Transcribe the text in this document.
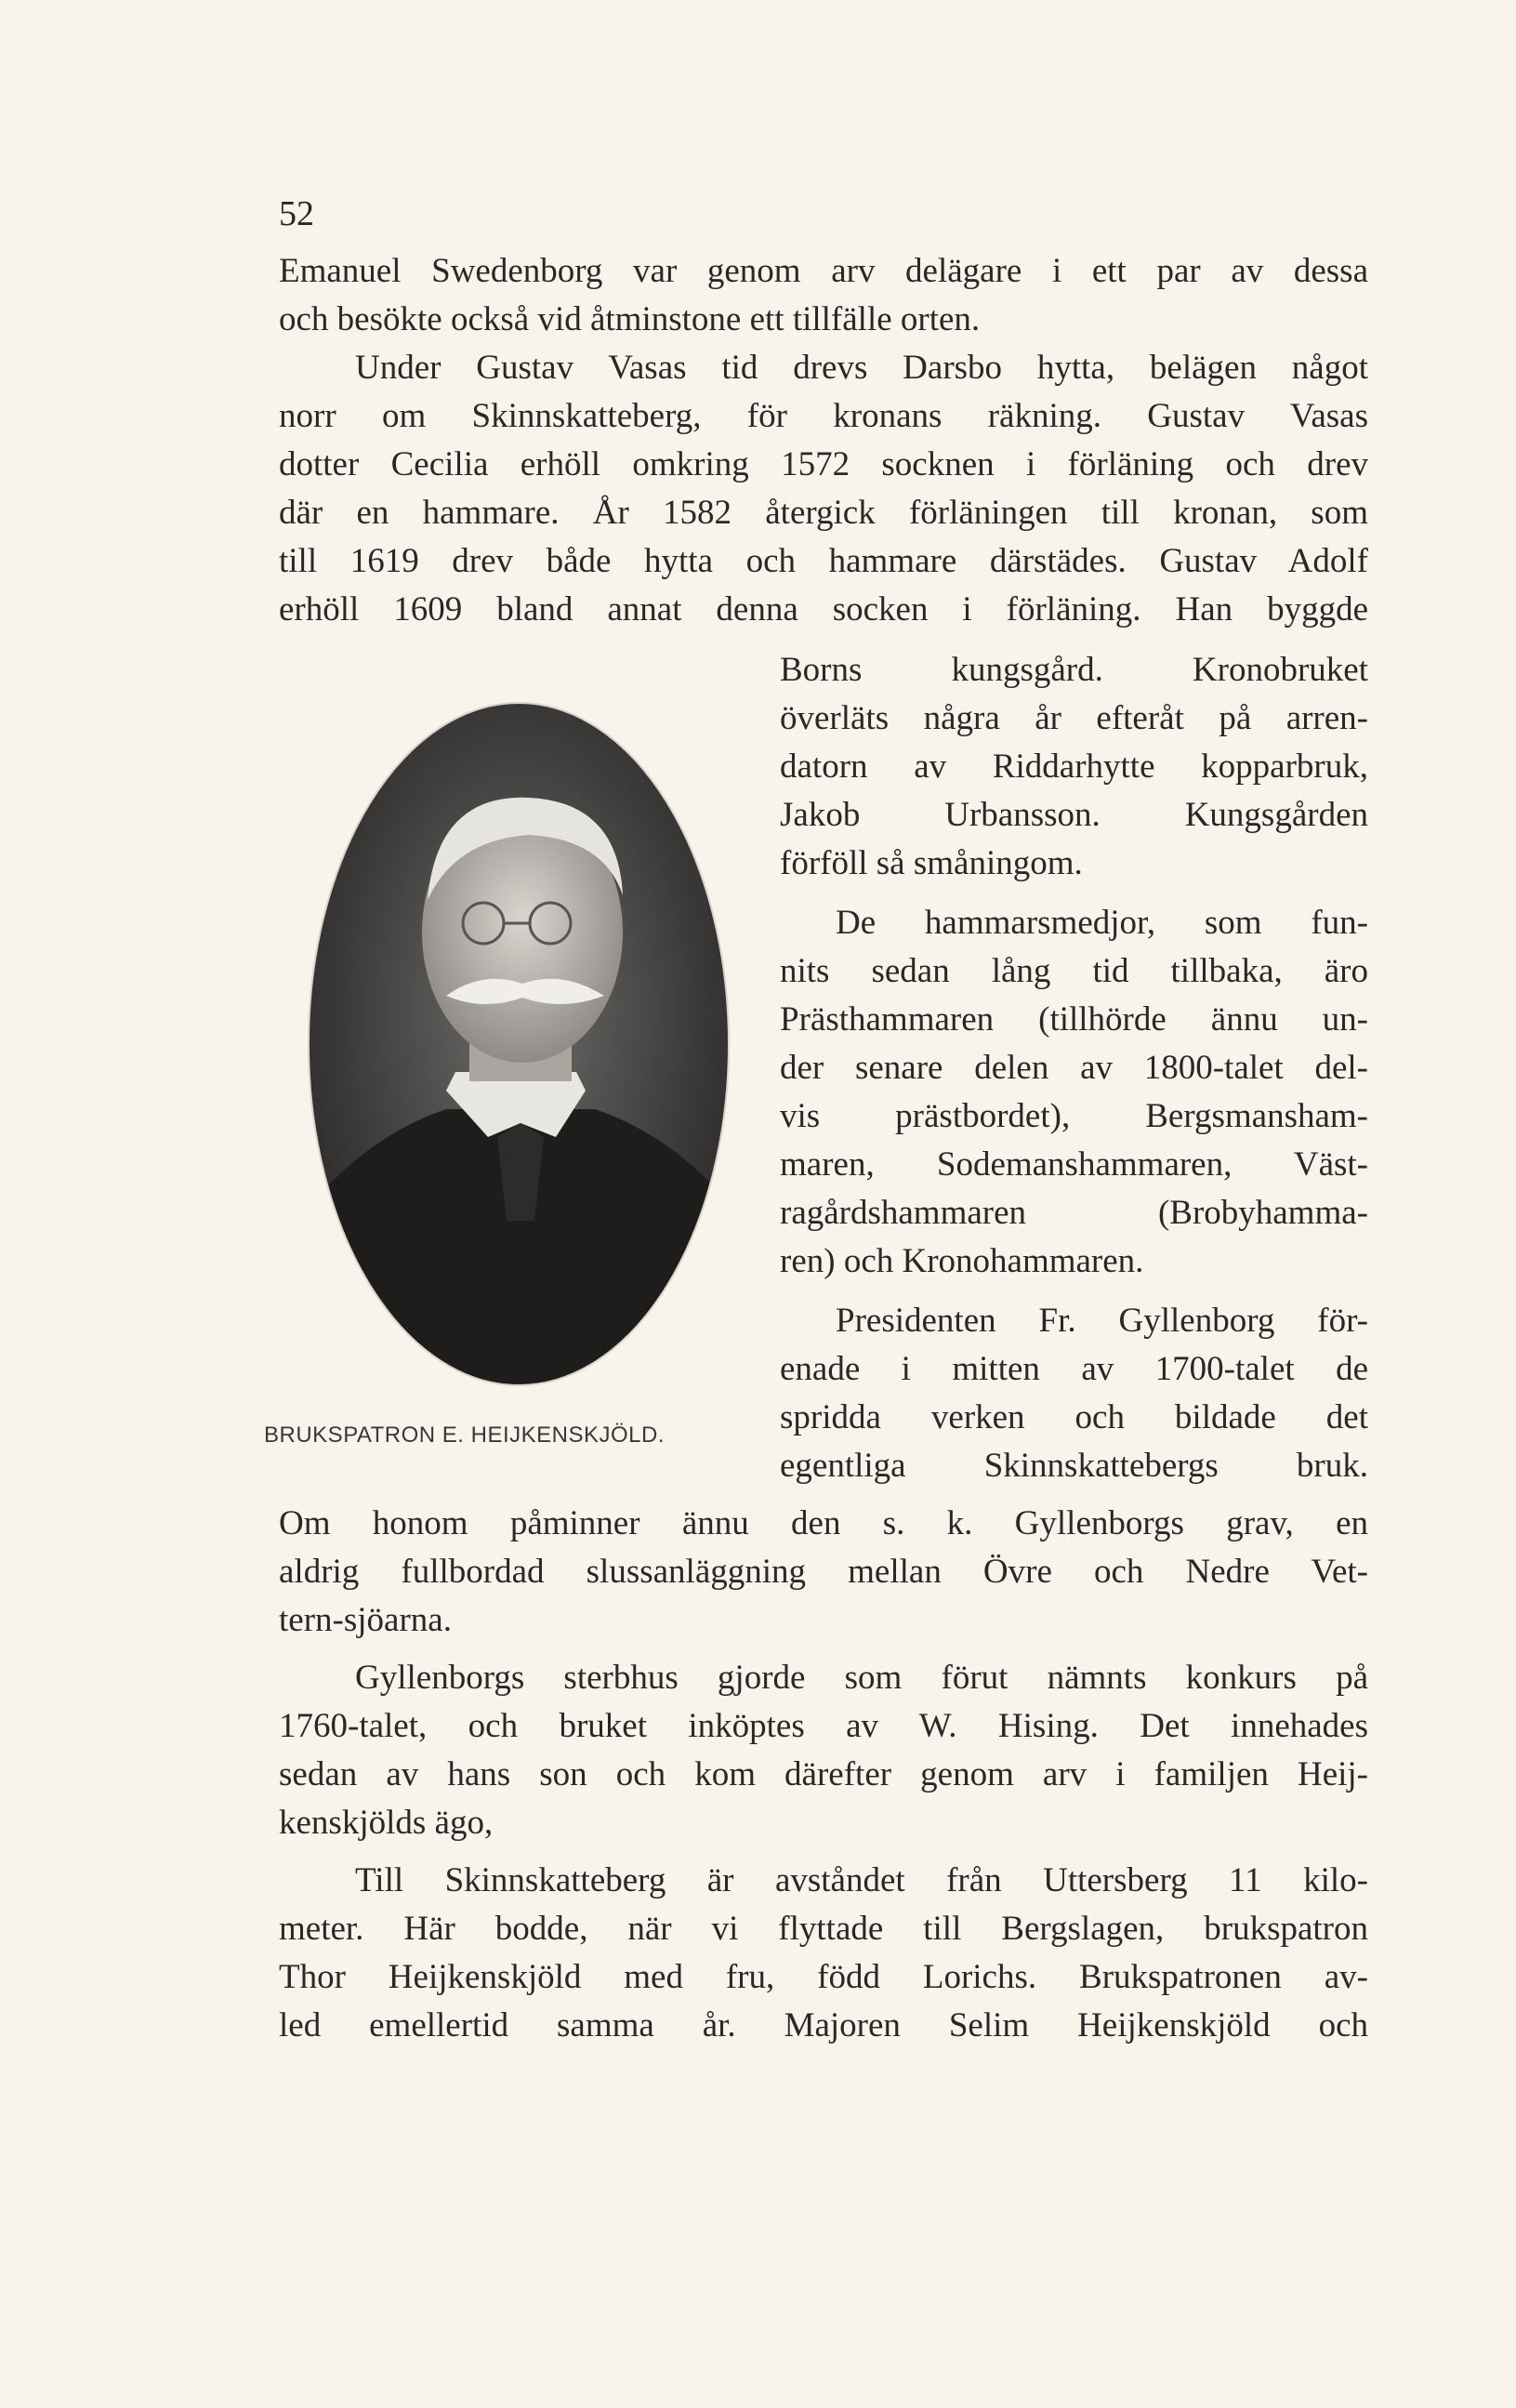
52
Emanuel Swedenborg var genom arv delägare i ett par av dessa
och besökte också vid åtminstone ett tillfälle orten.
Under Gustav Vasas tid drevs Darsbo hytta, belägen något
norr om Skinnskatteberg, för kronans räkning. Gustav Vasas
dotter Cecilia erhöll omkring 1572 socknen i förläning och drev
där en hammare. År 1582 återgick förläningen till kronan, som
till 1619 drev både hytta och hammare därstädes. Gustav Adolf
erhöll 1609 bland annat denna socken i förläning. Han byggde
Borns kungsgård. Kronobruket
överläts några år efteråt på arren-
datorn av Riddarhytte kopparbruk,
Jakob Urbansson. Kungsgården
förföll så småningom.
De hammarsmedjor, som fun-
nits sedan lång tid tillbaka, äro
Prästhammaren (tillhörde ännu un-
der senare delen av 1800-talet del-
vis prästbordet), Bergsmansham-
maren, Sodemanshammaren, Väst-
ragårdshammaren (Brobyhamma-
ren) och Kronohammaren.
Presidenten Fr. Gyllenborg för-
enade i mitten av 1700-talet de
spridda verken och bildade det
egentliga Skinnskattebergs bruk.
BRUKSPATRON E. HEIJKENSKJÖLD.
Om honom påminner ännu den s. k. Gyllenborgs grav, en
aldrig fullbordad slussanläggning mellan Övre och Nedre Vet-
tern-sjöarna.
Gyllenborgs sterbhus gjorde som förut nämnts konkurs på
1760-talet, och bruket inköptes av W. Hising. Det innehades
sedan av hans son och kom därefter genom arv i familjen Heij-
kenskjölds ägo,
Till Skinnskatteberg är avståndet från Uttersberg 11 kilo-
meter. Här bodde, när vi flyttade till Bergslagen, brukspatron
Thor Heijkenskjöld med fru, född Lorichs. Brukspatronen av-
led emellertid samma år. Majoren Selim Heijkenskjöld och
